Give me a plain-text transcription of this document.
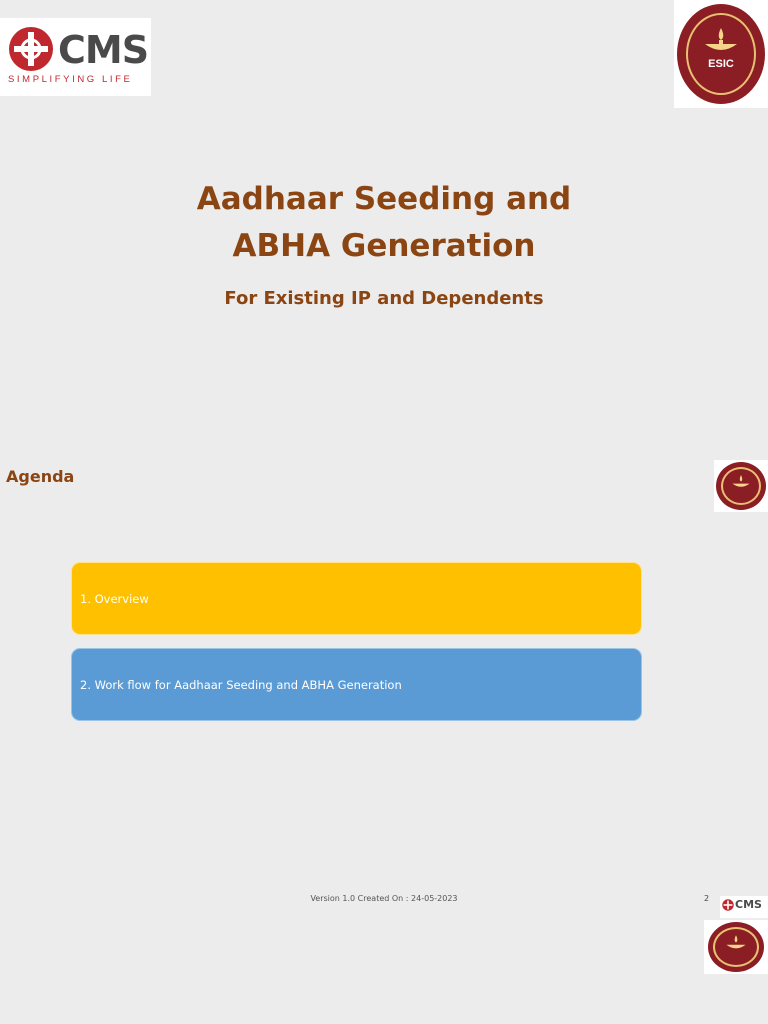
CMS
SIMPLIFYING LIFE
ESIC
Aadhaar Seeding and
ABHA Generation
For Existing IP and Dependents
Agenda
1. Overview
2. Work flow for Aadhaar Seeding and ABHA Generation
Version 1.0 Created On : 24-05-2023	2 CMS
